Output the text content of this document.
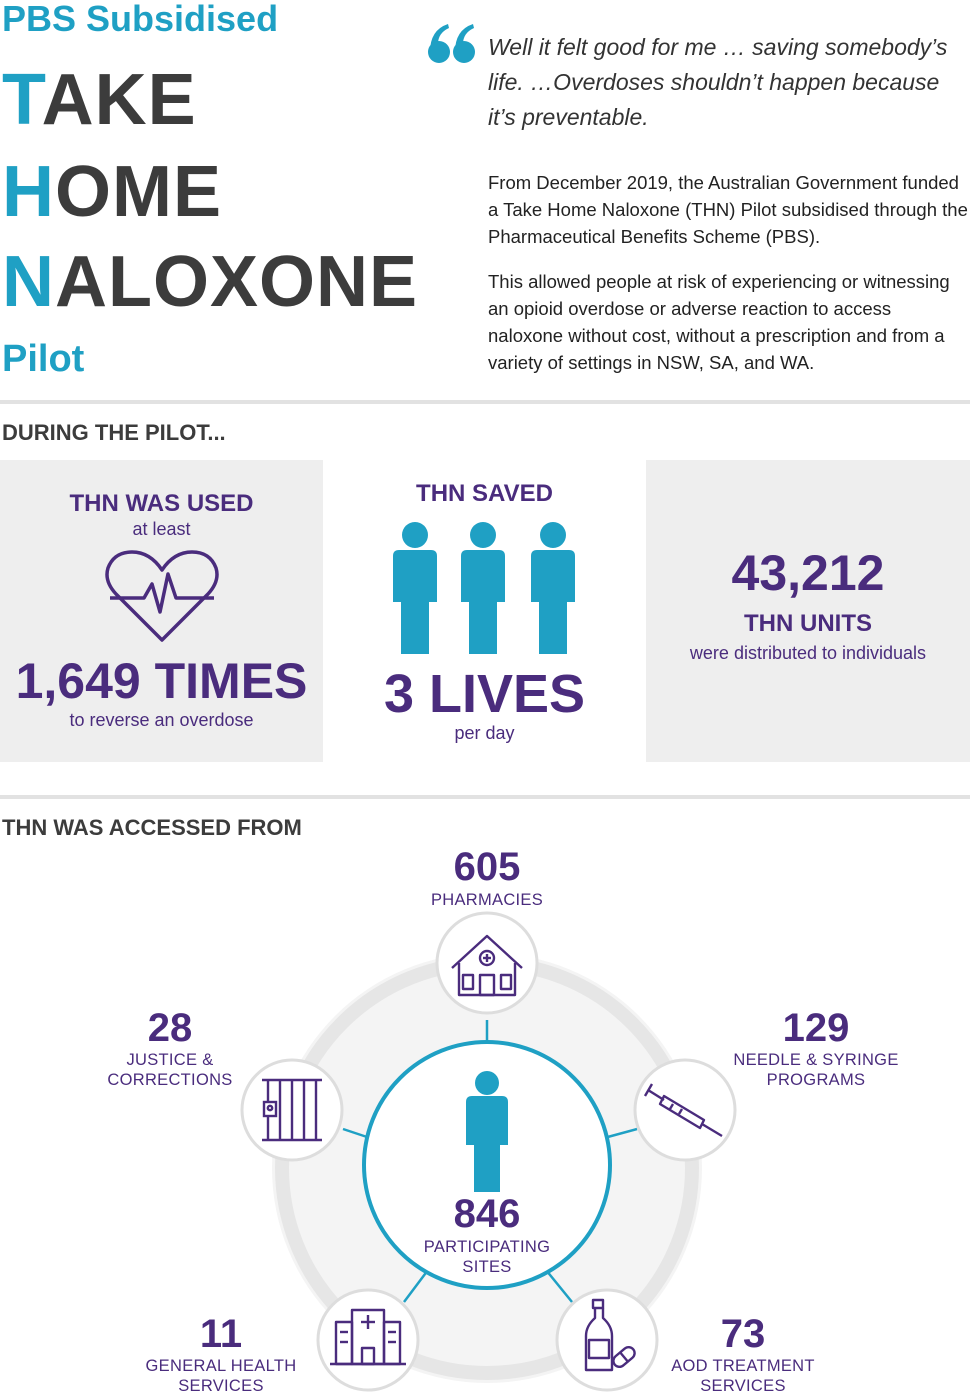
PBS Subsidised
TAKE
HOME
NALOXONE
Pilot
Well it felt good for me … saving somebody’s life. …Overdoses shouldn’t happen because it’s preventable.
From December 2019, the Australian Government funded a Take Home Naloxone (THN) Pilot subsidised through the Pharmaceutical Benefits Scheme (PBS).
This allowed people at risk of experiencing or witnessing an opioid overdose or adverse reaction to access naloxone without cost, without a prescription and from a variety of settings in NSW, SA, and WA.
DURING THE PILOT...
THN WAS USED
at least
1,649 TIMES
to reverse an overdose
THN SAVED
3 LIVES
per day
43,212
THN UNITS
were distributed to individuals
THN WAS ACCESSED FROM
605
PHARMACIES
129
NEEDLE & SYRINGE
PROGRAMS
28
JUSTICE &
CORRECTIONS
11
GENERAL HEALTH
SERVICES
73
AOD TREATMENT
SERVICES
846
PARTICIPATING
SITES
